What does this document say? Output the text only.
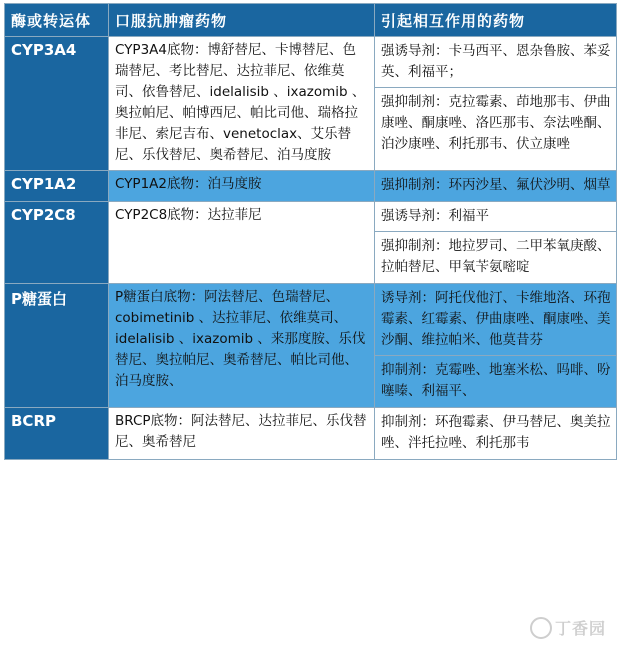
酶或转运体	口服抗肿瘤药物	引起相互作用的药物
CYP3A4	CYP3A4底物：博舒替尼、卡博替尼、色瑞替尼、考比替尼、达拉菲尼、依维莫司、依鲁替尼、idelalisib 、ixazomib 、奥拉帕尼、帕博西尼、帕比司他、瑞格拉非尼、索尼吉布、venetoclax、艾乐替尼、乐伐替尼、奥希替尼、泊马度胺	强诱导剂：卡马西平、恩杂鲁胺、苯妥英、利福平；
强抑制剂：克拉霉素、茚地那韦、伊曲康唑、酮康唑、洛匹那韦、奈法唑酮、泊沙康唑、利托那韦、伏立康唑

CYP1A2	CYP1A2底物：泊马度胺	强抑制剂：环丙沙星、氟伏沙明、烟草

CYP2C8	CYP2C8底物：达拉菲尼	强诱导剂：利福平
强抑制剂：地拉罗司、二甲苯氧庚酸、拉帕替尼、甲氧苄氨嘧啶

P糖蛋白	P糖蛋白底物：阿法替尼、色瑞替尼、cobimetinib 、达拉菲尼、依维莫司、idelalisib 、ixazomib 、来那度胺、乐伐替尼、奥拉帕尼、奥希替尼、帕比司他、泊马度胺、	诱导剂：阿托伐他汀、卡维地洛、环孢霉素、红霉素、伊曲康唑、酮康唑、美沙酮、维拉帕米、他莫昔芬
抑制剂：克霉唑、地塞米松、吗啡、吩噻嗪、利福平、

BCRP	BRCP底物：阿法替尼、达拉菲尼、乐伐替尼、奥希替尼	抑制剂：环孢霉素、伊马替尼、奥美拉唑、泮托拉唑、利托那韦
丁香园
